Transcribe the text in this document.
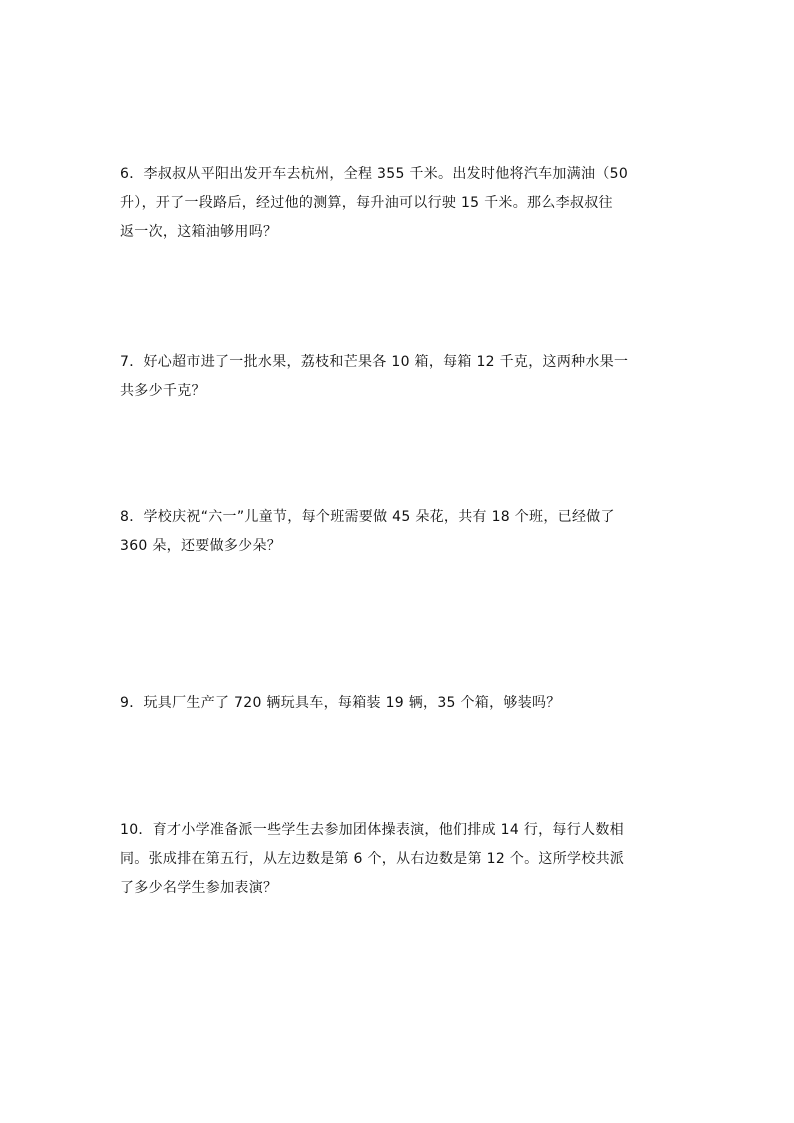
6．李叔叔从平阳出发开车去杭州，全程 355 千米。出发时他将汽车加满油（50
升），开了一段路后，经过他的测算，每升油可以行驶 15 千米。那么李叔叔往
返一次，这箱油够用吗？
7．好心超市进了一批水果，荔枝和芒果各 10 箱，每箱 12 千克，这两种水果一
共多少千克？
8．学校庆祝“六一”儿童节，每个班需要做 45 朵花，共有 18 个班，已经做了
360 朵，还要做多少朵？
9．玩具厂生产了 720 辆玩具车，每箱装 19 辆，35 个箱，够装吗？
10．育才小学准备派一些学生去参加团体操表演，他们排成 14 行，每行人数相
同。张成排在第五行，从左边数是第 6 个，从右边数是第 12 个。这所学校共派
了多少名学生参加表演？
